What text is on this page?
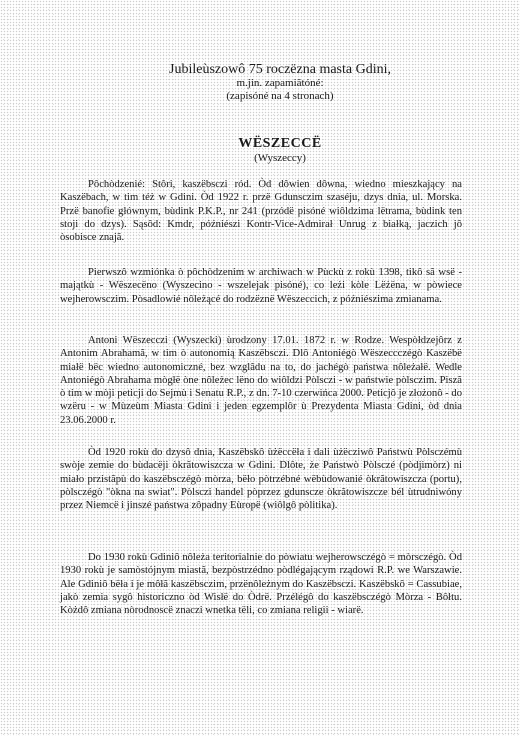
Jubileùszowô 75 roczëzna masta Gdini,
m.jin. zapamiãtóné:
(zapisóné na 4 stronach)
WËSZECCË
(Wyszeccy)

Pôchòdzenié: Stôri, kaszëbsczi ród. Òd dôwien dôwna, wiedno mieszkający na Kaszëbach, w tim téż w Gdini. Òd 1922 r. przë Gdunsczim szaséju, dzys dnia, ul. Morska. Przë banofie głównym, bùdink P.K.P., nr 241 (przódë pisóné wiôldzima lëtrama, bùdink ten stoji do dzys). Sąsôd: Kmdr, późniészi Kontr-Vice-Admirał Unrug z białką, jaczich jô òsobisce znajã.

Pierwszô wzmiónka ò pôchòdzenim w archiwach w Pùckù z rokù 1398, tikô sã wsë - majątkù - Wëszecëno (Wyszecino - wszelejak pisóné), co leżi kòle Lëżëna, w pòwiece wejherowsczim. Pòsadlowié nôleżącé do rodzëznë Wëszeccich, z późniészima zmianama.

Antoni Wëszecczi (Wyszecki) ùrodzony 17.01. 1872 r. w Rodze. Wespòłdzejôrz z Antonim Abrahamã, w tim ò autonomią Kaszëbsczi. Dlô Antoniégò Wëszeccczégò Kaszëbë miałë bëc wiedno autonomiczné, bez wzglãdu na to, do jachégò państwa nôleżałë. Wedle Antoniégò Abrahama mògłë òne nôleżec lëno do wiôldzi Pòlsczi - w państwie pòlsczim. Piszã ò tim w mòji peticji do Sejmù i Senatu R.P., z dn. 7-10 czerwińca 2000. Peticjô je złożonô - do wzëru - w Mùzeùm Miasta Gdini i jeden egzemplôr ù Prezydenta Miasta Gdini, òd dnia 23.06.2000 r.

Òd 1920 rokù do dzysô dnia, Kaszëbskô ùżëccëła i dali ùżëcziwô Państwù Pòlsczémù swòje zemie do bùdacëji òkrãtowiszcza w Gdini. Dlôte, że Państwò Pòlsczé (pòdjimòrz) ni miało przistãpù do kaszëbsczégò mòrza, bëło pòtrzébné wëbùdowanié òkrãtowiszcza (portu), pòlsczégò "òkna na swiat". Pòlsczi handel pòprzez gdunscze òkrãtowiszcze bél ùtrudniwóny przez Niemcë i jinszé państwa zôpadny Eùropë (wiôlgô pòlitika).

Do 1930 rokù Gdiniô nôleża teritorialnie do pòwiatu wejherowsczégò = mòrsczégò. Òd 1930 rokù je samòstójnym miastã, bezpòstrzédno pòdlégającym rządowi R.P. we Warszawie. Ale Gdiniô bëła i je môłã kaszëbsczim, przënôleżnym do Kaszëbsczi. Kaszëbskô = Cassubiae, jakò zemia sygô historiczno òd Wisłë do Òdrë. Przélégô do kaszëbsczégò Mòrza - Bôłtu. Kòżdô zmiana nòrodnoscë znaczi wnetka tëli, co zmiana religii - wiarë.
